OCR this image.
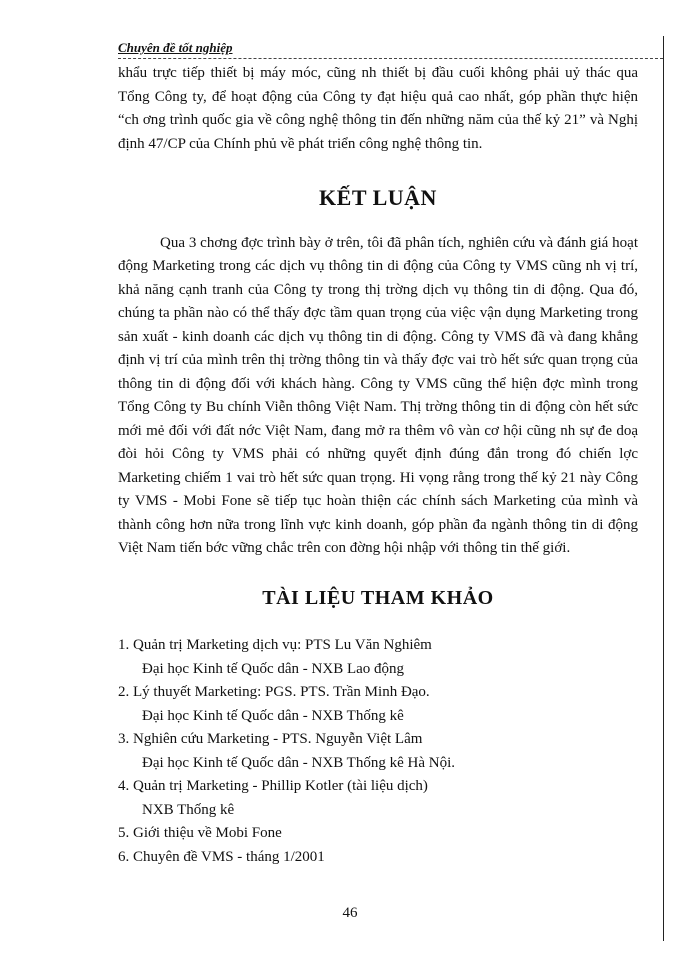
Chuyên đề tốt nghiệp

khẩu trực tiếp thiết bị máy móc, cũng nh thiết bị đầu cuối không phải uỷ thác qua Tổng Công ty, để hoạt động của Công ty đạt hiệu quả cao nhất, góp phần thực hiện “ch ơng trình quốc gia về công nghệ thông tin đến những năm của thế kỷ 21” và Nghị định 47/CP của Chính phủ về phát triển công nghệ thông tin.

KẾT LUẬN

Qua 3 chơng đợc trình bày ở trên, tôi đã phân tích, nghiên cứu và đánh giá hoạt động Marketing trong các dịch vụ thông tin di động của Công ty VMS cũng nh vị trí, khả năng cạnh tranh của Công ty trong thị trờng dịch vụ thông tin di động. Qua đó, chúng ta phần nào có thể thấy đợc tầm quan trọng của việc vận dụng Marketing trong sản xuất - kinh doanh các dịch vụ thông tin di động. Công ty VMS đã và đang khẳng định vị trí của mình trên thị trờng thông tin và thấy đợc vai trò hết sức quan trọng của thông tin di động đối với khách hàng. Công ty VMS cũng thể hiện đợc mình trong Tổng Công ty Bu chính Viễn thông Việt Nam. Thị trờng thông tin di động còn hết sức mới mẻ đối với đất nớc Việt Nam, đang mở ra thêm vô vàn cơ hội cũng nh sự đe doạ đòi hỏi Công ty VMS phải có những quyết định đúng đắn trong đó chiến lợc Marketing chiếm 1 vai trò hết sức quan trọng. Hi vọng rằng trong thế kỷ 21 này Công ty VMS - Mobi Fone sẽ tiếp tục hoàn thiện các chính sách Marketing của mình và thành công hơn nữa trong lĩnh vực kinh doanh, góp phần đa ngành thông tin di động Việt Nam tiến bớc vững chắc trên con đờng hội nhập với thông tin thế giới.

TÀI LIỆU THAM KHẢO

1. Quản trị Marketing dịch vụ: PTS Lu Văn Nghiêm
Đại học Kinh tế Quốc dân - NXB Lao động
2. Lý thuyết Marketing: PGS. PTS. Trần Minh Đạo.
Đại học Kinh tế Quốc dân - NXB Thống kê
3. Nghiên cứu Marketing - PTS. Nguyễn Việt Lâm
Đại học Kinh tế Quốc dân - NXB Thống kê Hà Nội.
4. Quản trị Marketing - Phillip Kotler (tài liệu dịch)
NXB Thống kê
5. Giới thiệu về Mobi Fone
6. Chuyên đề VMS - tháng 1/2001
46
